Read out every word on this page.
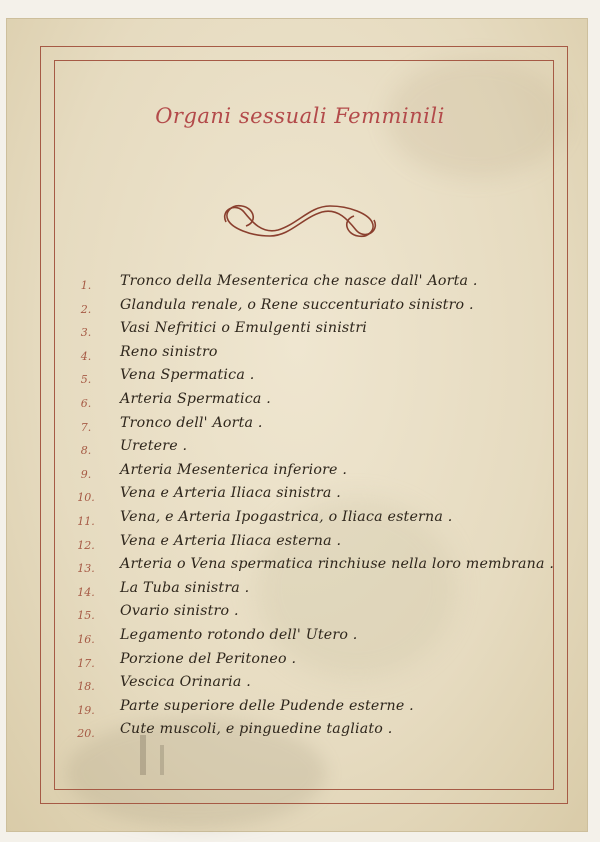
Organi sessuali Femminili
1.	Tronco della Mesenterica che nasce dall' Aorta .
2.	Glandula renale, o Rene succenturiato sinistro .
3.	Vasi Nefritici o Emulgenti sinistri
4.	Reno sinistro
5.	Vena Spermatica .
6.	Arteria Spermatica .
7.	Tronco dell' Aorta .
8.	Uretere .
9.	Arteria Mesenterica inferiore .
10.	Vena e Arteria Iliaca sinistra .
11.	Vena, e Arteria Ipogastrica, o Iliaca esterna .
12.	Vena e Arteria Iliaca esterna .
13.	Arteria o Vena spermatica rinchiuse nella loro membrana .
14.	La Tuba sinistra .
15.	Ovario sinistro .
16.	Legamento rotondo dell' Utero .
17.	Porzione del Peritoneo .
18.	Vescica Orinaria .
19.	Parte superiore delle Pudende esterne .
20.	Cute muscoli, e pinguedine tagliato .
